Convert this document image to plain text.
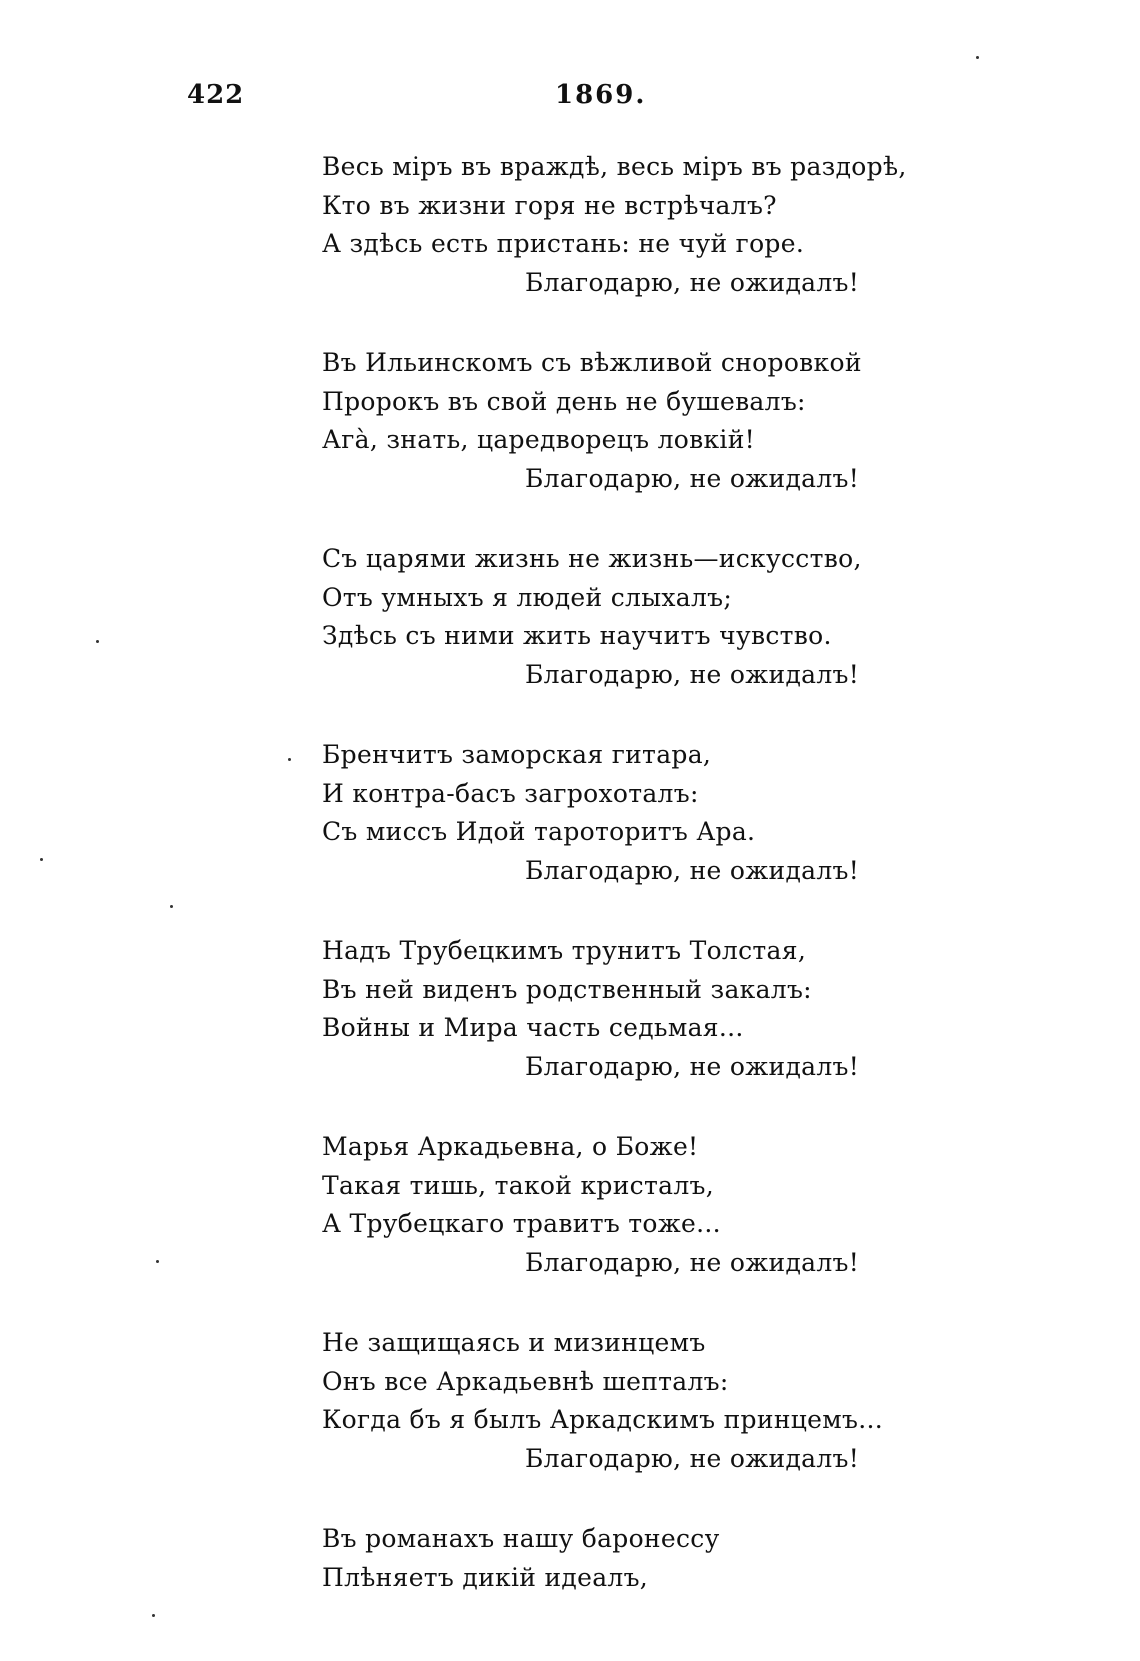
422	1869.
Весь міръ въ враждѣ, весь міръ въ раздорѣ,
Кто въ жизни горя не встрѣчалъ?
А здѣсь есть пристань: не чуй горе.
Благодарю, не ожидалъ!
Въ Ильинскомъ съ вѣжливой сноровкой
Пророкъ въ свой день не бушевалъ:
Ага̀, знать, царедворецъ ловкій!
Благодарю, не ожидалъ!
Съ царями жизнь не жизнь—искусство,
Отъ умныхъ я людей слыхалъ;
Здѣсь съ ними жить научитъ чувство.
Благодарю, не ожидалъ!
Бренчитъ заморская гитара,
И контра-басъ загрохоталъ:
Съ миссъ Идой тароторитъ Ара.
Благодарю, не ожидалъ!
Надъ Трубецкимъ трунитъ Толстая,
Въ ней виденъ родственный закалъ:
Войны и Мира часть седьмая...
Благодарю, не ожидалъ!
Марья Аркадьевна, о Боже!
Такая тишь, такой кристалъ,
А Трубецкаго травитъ тоже...
Благодарю, не ожидалъ!
Не защищаясь и мизинцемъ
Онъ все Аркадьевнѣ шепталъ:
Когда бъ я былъ Аркадскимъ принцемъ...
Благодарю, не ожидалъ!
Въ романахъ нашу баронессу
Плѣняетъ дикій идеалъ,
